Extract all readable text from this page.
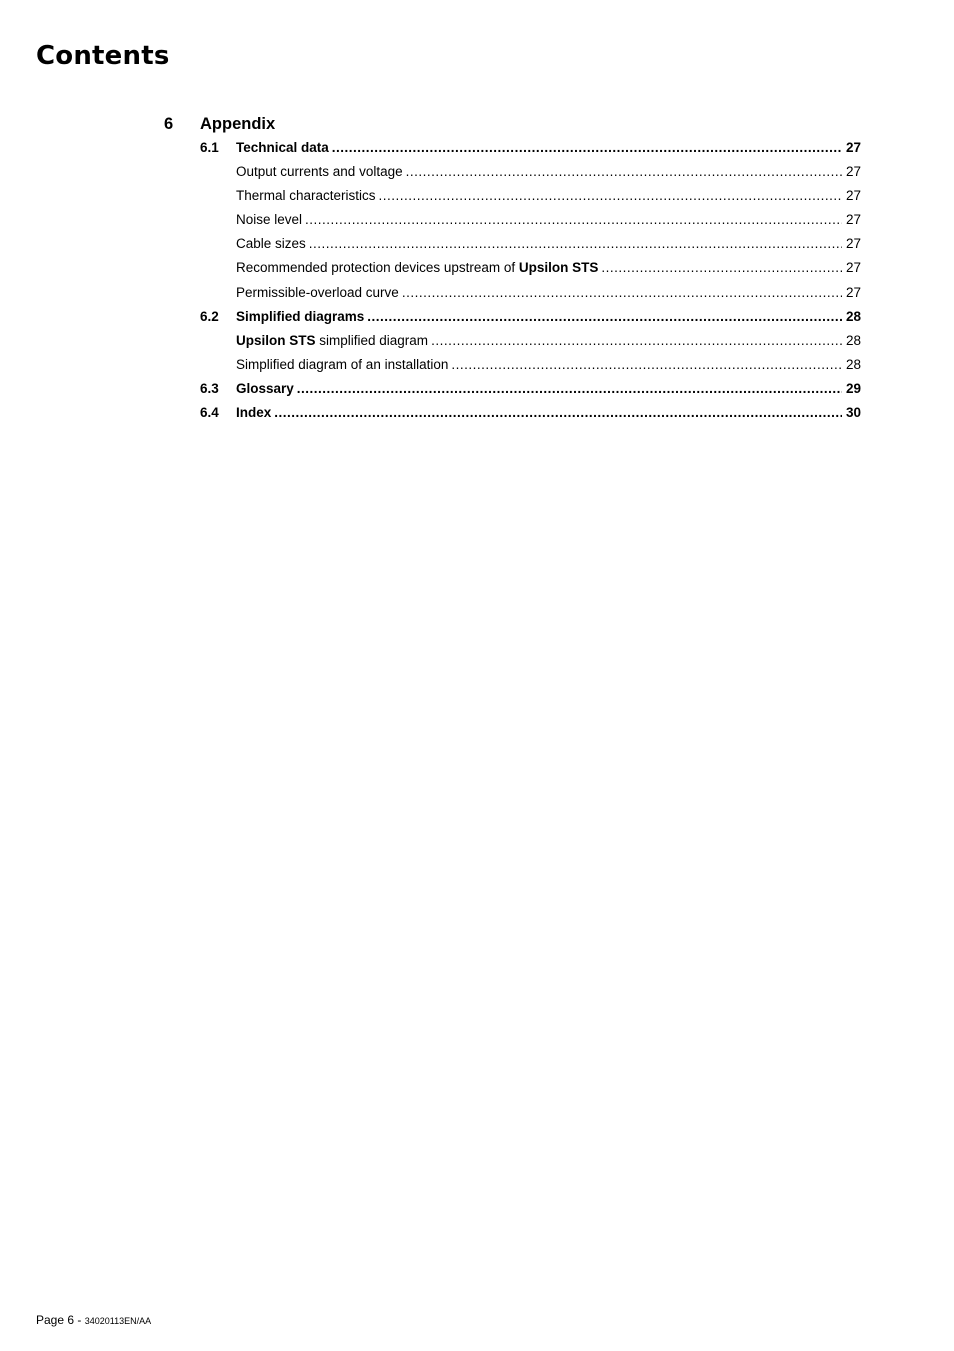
Contents
6 Appendix
6.1	Technical data .....	27
Output currents and voltage .....	27
Thermal characteristics .....	27
Noise level .....	27
Cable sizes .....	27
Recommended protection devices upstream of Upsilon STS .....	27
Permissible-overload curve .....	27
6.2	Simplified diagrams .....	28
Upsilon STS simplified diagram .....	28
Simplified diagram of an installation .....	28
6.3	Glossary .....	29
6.4	Index .....	30
Page 6 - 34020113EN/AA
